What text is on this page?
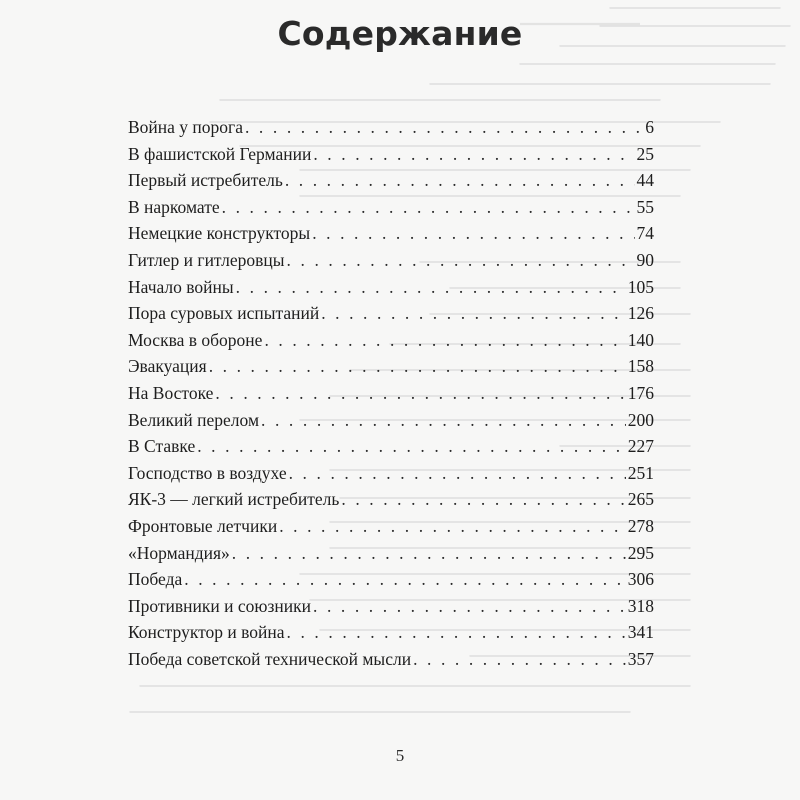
Содержание
Война у порога . . .	6
В фашистской Германии . . .	25
Первый истребитель . . .	44
В наркомате . . .	55
Немецкие конструкторы . . .	74
Гитлер и гитлеровцы . . .	90
Начало войны . . .	105
Пора суровых испытаний . . .	126
Москва в обороне . . .	140
Эвакуация . . .	158
На Востоке . . .	176
Великий перелом . . .	200
В Ставке . . .	227
Господство в воздухе . . .	251
ЯК-3 — легкий истребитель . . .	265
Фронтовые летчики . . .	278
«Нормандия» . . .	295
Победа . . .	306
Противники и союзники . . .	318
Конструктор и война . . .	341
Победа советской технической мысли . . .	357
5
